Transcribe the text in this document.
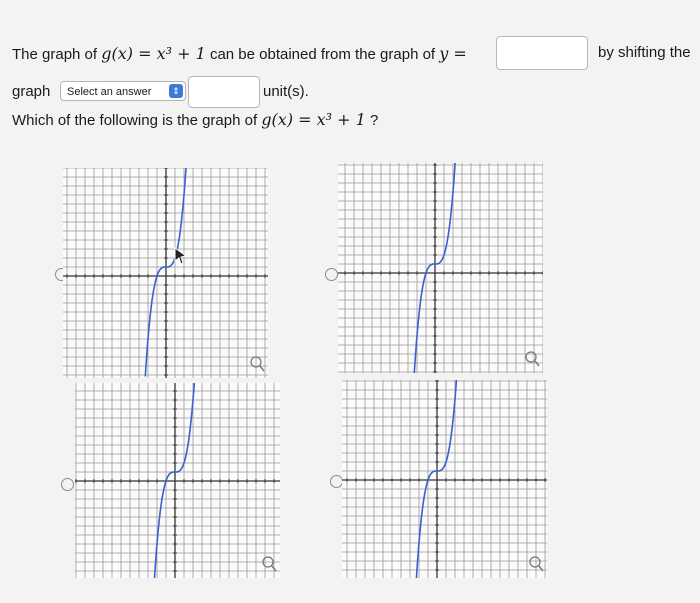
The graph of g(x) = x³ + 1 can be obtained from the graph of y =	by shifting the
graph	Select an answer	⇕	unit(s).
Which of the following is the graph of g(x) = x³ + 1 ?
